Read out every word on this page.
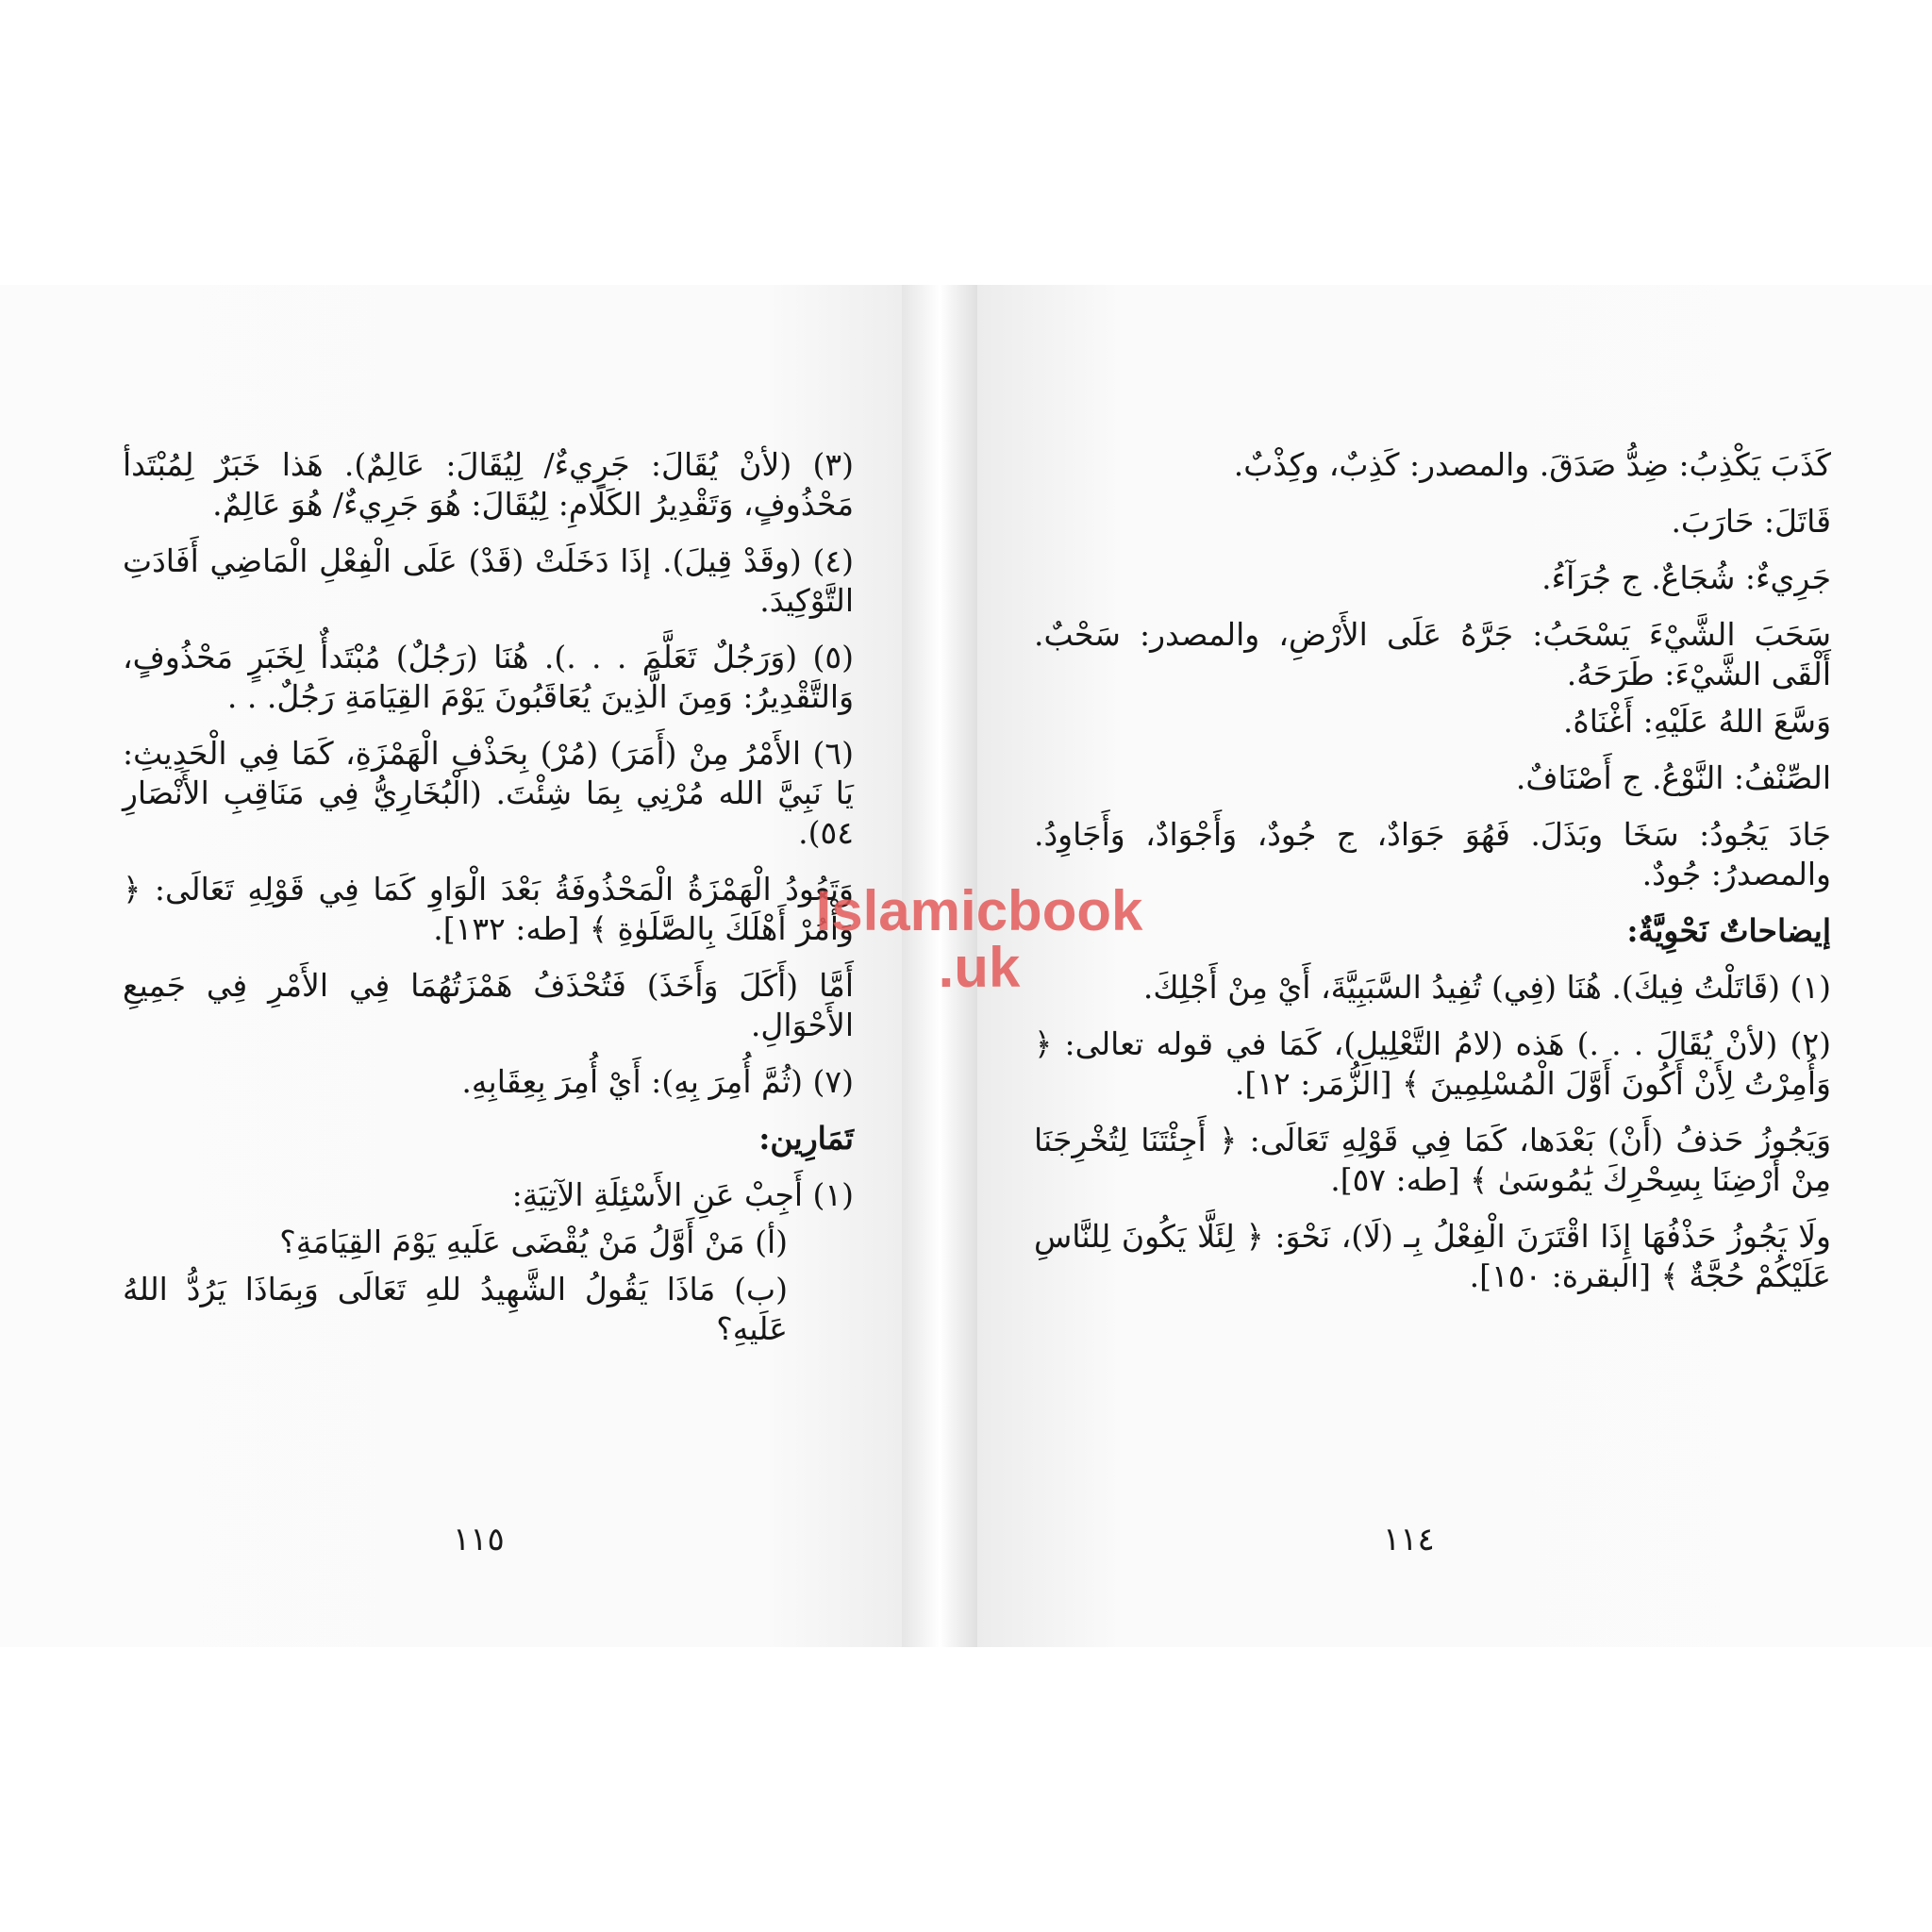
(٣) (لأنْ يُقَالَ: جَرِيءٌ/ لِيُقَالَ: عَالِمٌ). هَذا خَبَرٌ لِمُبْتَدأ مَحْذُوفٍ، وَتَقْدِيرُ الكَلَامِ: لِيُقَالَ: هُوَ جَرِيءٌ/ هُوَ عَالِمٌ.

(٤) (وقَدْ قِيلَ). إذَا دَخَلَتْ (قَدْ) عَلَى الْفِعْلِ الْمَاضِي أَفَادَتِ التَّوْكِيدَ.

(٥) (وَرَجُلٌ تَعَلَّمَ . . .). هُنَا (رَجُلٌ) مُبْتَدأٌ لِخَبَرٍ مَحْذُوفٍ، وَالتَّقْدِيرُ: وَمِنَ الَّذِينَ يُعَاقَبُونَ يَوْمَ القِيَامَةِ رَجُلٌ. . .

(٦) الأَمْرُ مِنْ (أَمَرَ) (مُرْ) بِحَذْفِ الْهَمْزَةِ، كَمَا فِي الْحَدِيثِ: يَا نَبِيَّ الله مُرْنِي بِمَا شِئْتَ. (الْبُخَارِيُّ فِي مَنَاقِبِ الأَنْصَارِ ٥٤).

وَتَعُودُ الْهَمْزَةُ الْمَحْذُوفَةُ بَعْدَ الْوَاوِ كَمَا فِي قَوْلِهِ تَعَالَى: ﴿ وَأْمُرْ أَهْلَكَ بِالصَّلَوٰةِ ﴾ [طه: ١٣٢].

أَمَّا (أَكَلَ وَأَخَذَ) فَتُحْذَفُ هَمْزَتُهُمَا فِي الأَمْرِ فِي جَمِيعِ الأَحْوَالِ.

(٧) (ثُمَّ أُمِرَ بِهِ): أَيْ أُمِرَ بِعِقَابِهِ.

تَمَارِين:

(١) أَجِبْ عَنِ الأَسْئِلَةِ الآتِيَةِ:

(أ) مَنْ أَوَّلُ مَنْ يُقْضَى عَلَيهِ يَوْمَ القِيَامَةِ؟

(ب) مَاذَا يَقُولُ الشَّهِيدُ للهِ تَعَالَى وَبِمَاذَا يَرُدُّ اللهُ عَلَيهِ؟

١١٥

كَذَبَ يَكْذِبُ: ضِدُّ صَدَقَ. والمصدر: كَذِبٌ، وكِذْبٌ.

قَاتَلَ: حَارَبَ.

جَرِيءٌ: شُجَاعٌ. ج جُرَآءُ.

سَحَبَ الشَّيْءَ يَسْحَبُ: جَرَّهُ عَلَى الأَرْضِ، والمصدر: سَحْبٌ. أَلْقَى الشَّيْءَ: طَرَحَهُ.

وَسَّعَ اللهُ عَلَيْهِ: أَغْنَاهُ.

الصِّنْفُ: النَّوْعُ. ج أَصْنَافٌ.

جَادَ يَجُودُ: سَخَا وبَذَلَ. فَهُوَ جَوَادٌ، ج جُودٌ، وَأَجْوَادٌ، وَأَجَاوِدُ. والمصدرُ: جُودٌ.

إيضاحاتٌ نَحْوِيَّةٌ:

(١) (قَاتَلْتُ فِيكَ). هُنَا (فِي) تُفِيدُ السَّبَبِيَّةَ، أَيْ مِنْ أَجْلِكَ.

(٢) (لأنْ يُقَالَ . . .) هَذه (لامُ التَّعْلِيلِ)، كَمَا في قوله تعالى: ﴿ وَأُمِرْتُ لِأَنْ أَكُونَ أَوَّلَ الْمُسْلِمِينَ ﴾ [الزُّمَر: ١٢].

وَيَجُوزُ حَذفُ (أَنْ) بَعْدَها، كَمَا فِي قَوْلِهِ تَعَالَى: ﴿ أَجِئْتَنَا لِتُخْرِجَنَا مِنْ أَرْضِنَا بِسِحْرِكَ يَٰمُوسَىٰ ﴾ [طه: ٥٧].

ولَا يَجُوزُ حَذْفُهَا إِذَا اقْتَرَنَ الْفِعْلُ بِـ (لَا)، نَحْوَ: ﴿ لِئَلَّا يَكُونَ لِلنَّاسِ عَلَيْكُمْ حُجَّةٌ ﴾ [البقرة: ١٥٠].

١١٤
Islamicbook
.uk
